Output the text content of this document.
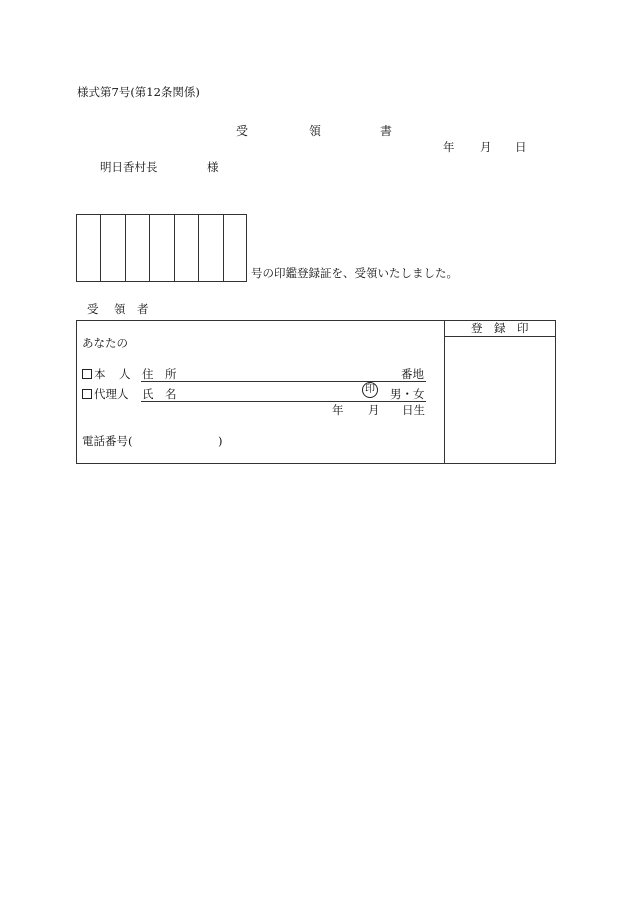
様式第7号(第12条関係)
受	領	書
年 月 日
明日香村長	様
号の印鑑登録証を、受領いたしました。
受 領 者
登 録 印
あなたの
本 人 住 所	番地
代理人 氏 名	印 男・女
年 月 日生
電話番号(	)
